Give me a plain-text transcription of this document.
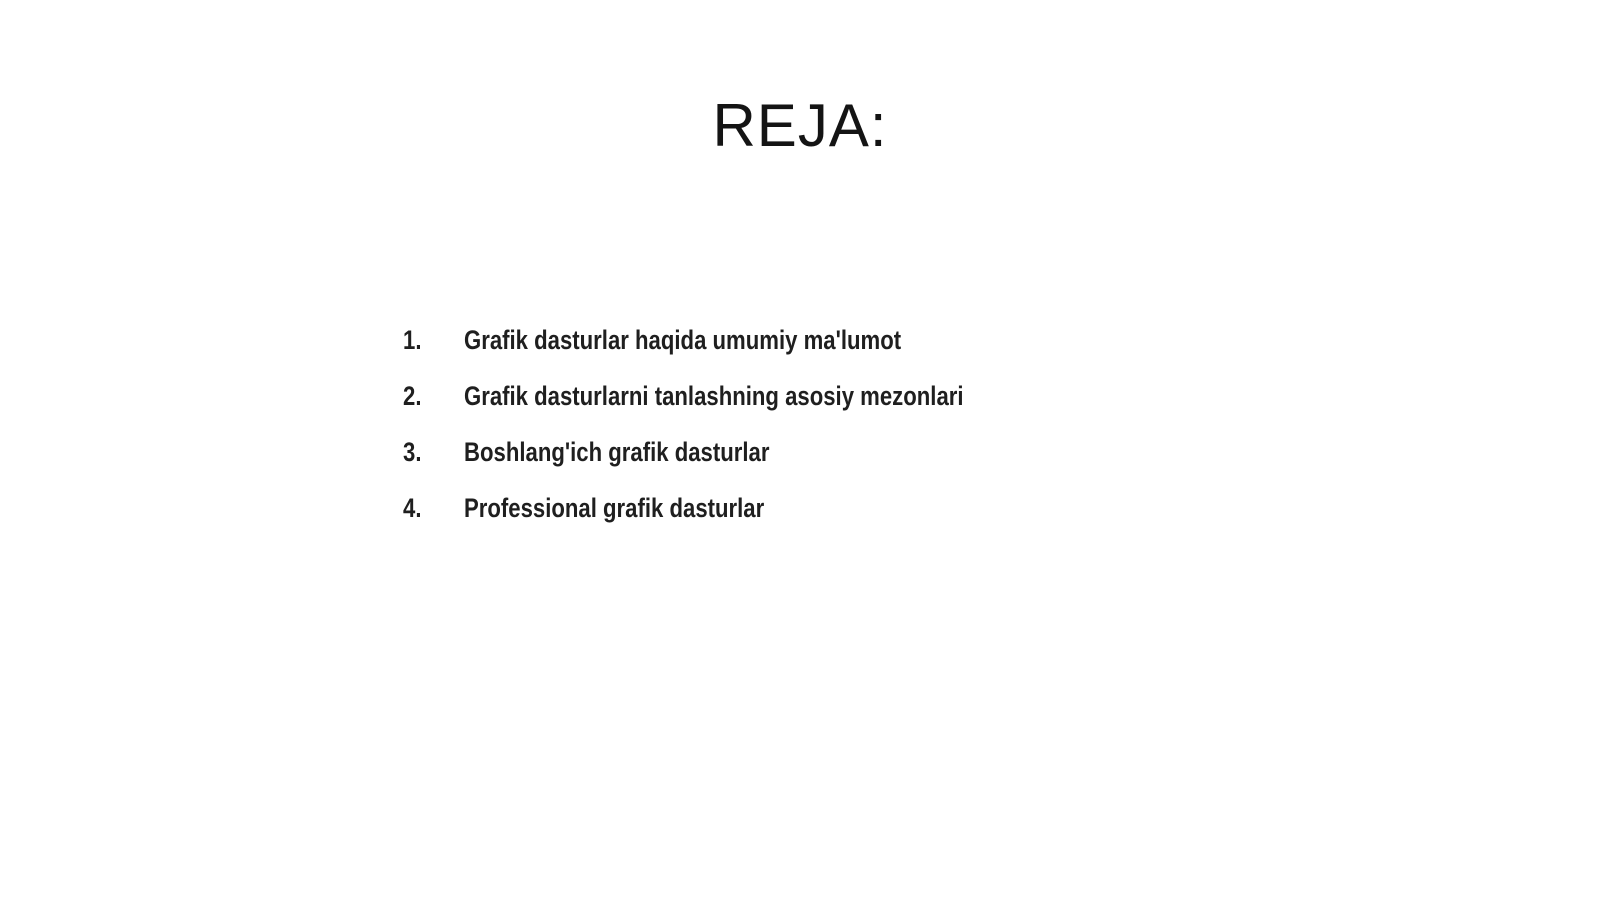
REJA:
1.	Grafik dasturlar haqida umumiy ma'lumot
2.	Grafik dasturlarni tanlashning asosiy mezonlari
3.	Boshlang'ich grafik dasturlar
4.	Professional grafik dasturlar
